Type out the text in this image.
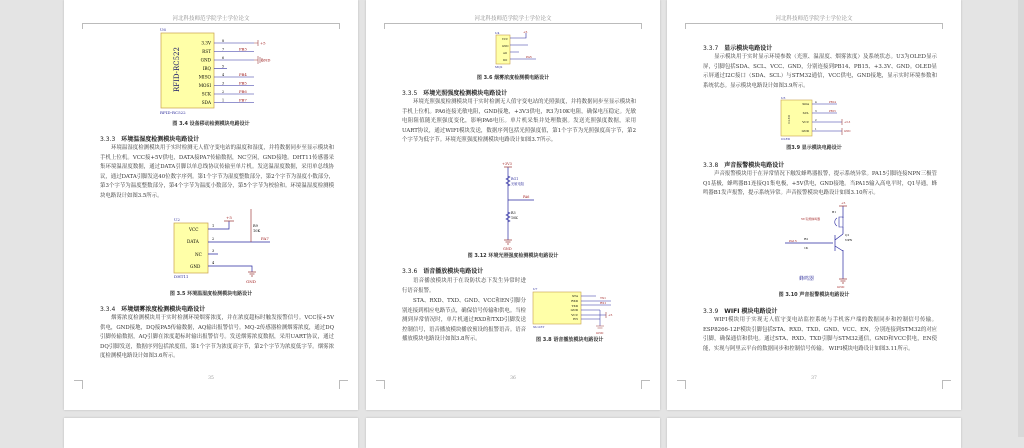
河北科技师范学院学士学位论文
U6
RFID-RC522
RFID-RC522
3.3V	8	+5
RST	7	PB3
GND	6	GND
IRQ	5
MISO	4	PB4
MOSI	3	PB5
SCK	2	PB6
SDA	1	PB7
图 3.4 设备移动检测模块电路设计
3.3.3 环境温湿度检测模块电路设计
环境温湿度检测模块用于实时检测无人值守变电站的温度和湿度，并将数据同步至显示模块和手机上位机。VCC接+5V供电，DATA接PA7传输数据，NC空闲，GND接地。DHT11传感器采集环境温湿度数据，通过DATA引脚以单总线协议传输至单片机。发送温湿度数据，采用单总线协议，通过DATA引脚发送40位数字序列。第1个字节为湿度整数部分，第2个字节为湿度小数部分，第3个字节为温度整数部分，第4个字节为温度小数部分，第5个字节为校验和。环境温湿度检测模块电路设计如图3.5所示。
U2
DHT11
VCC
DATA
NC
GND
1
2
3
4
+5
R9
10K
PA7
GND
图 3.5 环境温湿度检测模块电路设计
3.3.4 环境烟雾浓度检测模块电路设计
烟雾浓度检测模块用于实时检测环境烟雾浓度，并在浓度超标时触发报警信号。VCC接+5V供电，GND接地，DQ接PA5传输数据，AQ输出报警信号。MQ-2传感器检测烟雾浓度，通过DQ引脚传输数据，AQ引脚在浓度超标时输出报警信号。发送烟雾浓度数据，采用UART协议，通过DQ引脚发送，数据序列包括浓度值，第1个字节为浓度高字节，第2个字节为浓度低字节。烟雾浓度检测模电路设计如图3.6所示。
35
河北科技师范学院学士学位论文
U4
MQ2
VCC
GND
AO
DO
+5
PA5
图 3.6 烟雾浓度检测模电路设计
3.3.5 环境光照强度检测模块电路设计
环境光照强度检测模块用于实时检测无人值守变电站的光照强度，并将数据同步至显示模块和手机上位机。PA6连接光敏电阻，GND接地，+3V3供电，R3为10K电阻，确保电压稳定。光敏电阻阻值随光照强度变化，影响PA6电压。单片机采集并处理数据。发送光照强度数据，采用UART协议，通过WIFI模块发送，数据序列包括光照强度值，第1个字节为光照强度高字节，第2个字节为低字节。环境光照强度检测模块电路设计如图3.7所示。
+3V3
RG1
光敏电阻
PA6
R3
10K
GND
图 3.12 环境光照强度检测模块电路设计
3.3.6 语音播放模块电路设计
语音播放模块用于在设防状态下发生异常时进行语音报警。
STA、RXD、TXD、GND、VCC和EN引脚分别连接到相应电路节点，确保信号传输和供电。当检测到异常情况时，单片机通过RXD和TXD引脚发送控制信号，语音播放模块播放预设的报警语音。语音播放模块电路设计如图3.8所示。
U7
SU-03T
STA
RXD
TXD
GND
VCC
EN
TX1
RX1
+5
GND
图 3.8 语音播放模块电路设计
36
河北科技师范学院学士学位论文
3.3.7 显示模块电路设计
显示模块用于实时显示环境参数（光照、温湿度、烟雾浓度）及系统状态。U3为OLED显示屏，引脚包括SDA、SCL、VCC、GND，分别连接到PB14、PB15、+3.3V、GND。OLED显示屏通过I2C接口（SDA、SCL）与STM32通信，VCC供电，GND接地，显示实时环境参数和系统状态。显示模块电路设计如图3.9所示。
U3
OLED
OLED
SDA
SCL
VCC
GND
4
3
2
1
PB14
PB15
+3.3
GND
图3.9 显示模块电路设计
3.3.8 声音报警模块电路设计
声音报警模块用于在异常情况下触发蜂鸣器报警，提示系统异常。PA15引脚连接NPN三极管Q1基极，蜂鸣器B1连接Q1集电极，+5V供电，GND接地。当PA15输入高电平时，Q1导通，蜂鸣器B1发声报警，提示系统异常。声音报警模块电路设计如图3.10所示。
+5
B1
5V有源蜂鸣器
Q1
NPN
PA15 R2
1K
蜂鸣器
GND
图 3.10 声音报警模块电路设计
3.3.9 WIFI 模块电路设计
WIFI模块用于实现无人值守变电站监控系统与手机客户端的数据同步和控制信号传输。ESP8266-12F模块引脚包括STA、RXD、TXD、GND、VCC、EN，分别连接到STM32的对应引脚，确保通信和供电。通过STA、RXD、TXD引脚与STM32通信，GND和VCC供电，EN使能，实现与阿里云平台的数据同步和控制信号传输。 WIFI模块电路设计如图3.11所示。
37
